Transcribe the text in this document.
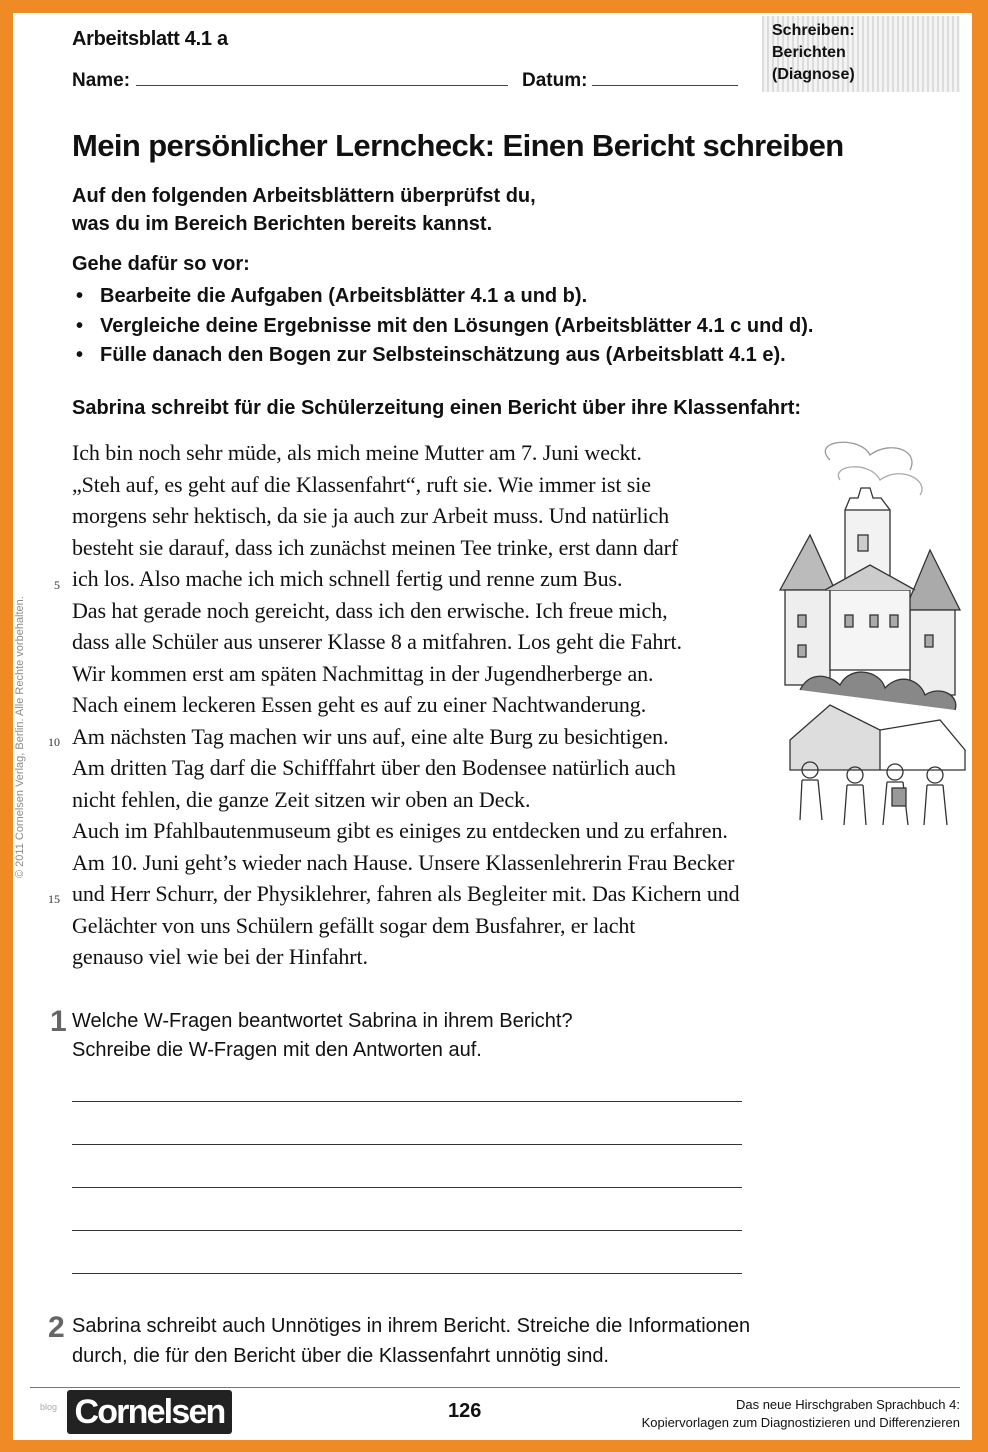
Arbeitsblatt 4.1 a
Name:	Datum:
Schreiben:
Berichten
(Diagnose)
Mein persönlicher Lerncheck: Einen Bericht schreiben
Auf den folgenden Arbeitsblättern überprüfst du,
was du im Bereich Berichten bereits kannst.
Gehe dafür so vor:
• Bearbeite die Aufgaben (Arbeitsblätter 4.1 a und b).
• Vergleiche deine Ergebnisse mit den Lösungen (Arbeitsblätter 4.1 c und d).
• Fülle danach den Bogen zur Selbsteinschätzung aus (Arbeitsblatt 4.1 e).
Sabrina schreibt für die Schülerzeitung einen Bericht über ihre Klassenfahrt:
Ich bin noch sehr müde, als mich meine Mutter am 7. Juni weckt.
„Steh auf, es geht auf die Klassenfahrt“, ruft sie. Wie immer ist sie
morgens sehr hektisch, da sie ja auch zur Arbeit muss. Und natürlich
besteht sie darauf, dass ich zunächst meinen Tee trinke, erst dann darf
ich los. Also mache ich mich schnell fertig und renne zum Bus.
Das hat gerade noch gereicht, dass ich den erwische. Ich freue mich,
dass alle Schüler aus unserer Klasse 8 a mitfahren. Los geht die Fahrt.
Wir kommen erst am späten Nachmittag in der Jugendherberge an.
Nach einem leckeren Essen geht es auf zu einer Nachtwanderung.
Am nächsten Tag machen wir uns auf, eine alte Burg zu besichtigen.
Am dritten Tag darf die Schifffahrt über den Bodensee natürlich auch
nicht fehlen, die ganze Zeit sitzen wir oben an Deck.
Auch im Pfahlbautenmuseum gibt es einiges zu entdecken und zu erfahren.
Am 10. Juni geht’s wieder nach Hause. Unsere Klassenlehrerin Frau Becker
und Herr Schurr, der Physiklehrer, fahren als Begleiter mit. Das Kichern und
Gelächter von uns Schülern gefällt sogar dem Busfahrer, er lacht
genauso viel wie bei der Hinfahrt.
5
10
15
© 2011 Cornelsen Verlag, Berlin. Alle Rechte vorbehalten.
1 Welche W-Fragen beantwortet Sabrina in ihrem Bericht?
Schreibe die W-Fragen mit den Antworten auf.
2 Sabrina schreibt auch Unnötiges in ihrem Bericht. Streiche die Informationen
durch, die für den Bericht über die Klassenfahrt unnötig sind.
blog Cornelsen	126	Das neue Hirschgraben Sprachbuch 4:
Kopiervorlagen zum Diagnostizieren und Differenzieren
